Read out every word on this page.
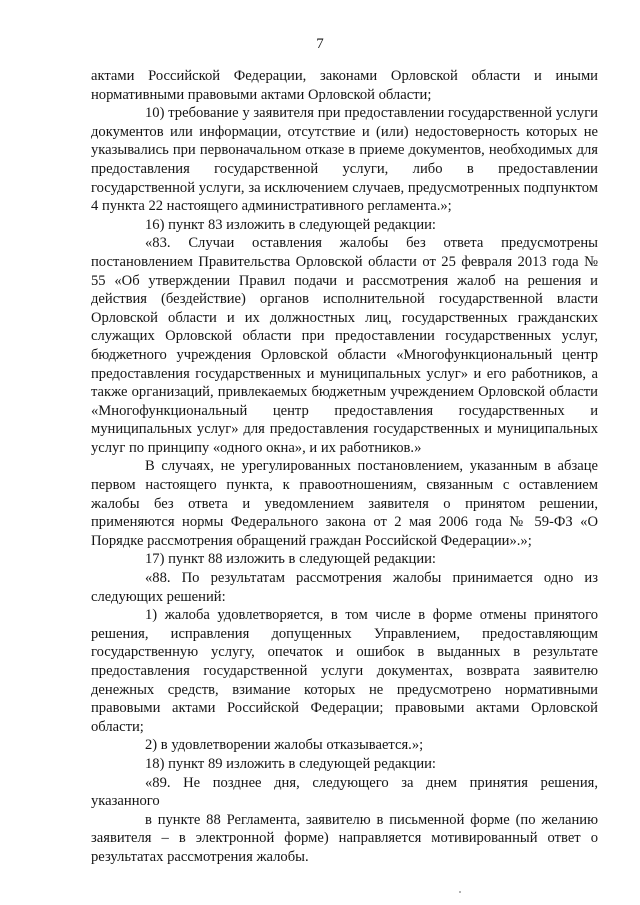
7

актами Российской Федерации, законами Орловской области и иными нормативными правовыми актами Орловской области;

10) требование у заявителя при предоставлении государственной услуги документов или информации, отсутствие и (или) недостоверность которых не указывались при первоначальном отказе в приеме документов, необходимых для предоставления государственной услуги, либо в предоставлении государственной услуги, за исключением случаев, предусмотренных подпунктом 4 пункта 22 настоящего административного регламента.»;

16) пункт 83 изложить в следующей редакции:

«83. Случаи оставления жалобы без ответа предусмотрены постановлением Правительства Орловской области от 25 февраля 2013 года № 55 «Об утверждении Правил подачи и рассмотрения жалоб на решения и действия (бездействие) органов исполнительной государственной власти Орловской области и их должностных лиц, государственных гражданских служащих Орловской области при предоставлении государственных услуг, бюджетного учреждения Орловской области «Многофункциональный центр предоставления государственных и муниципальных услуг» и его работников, а также организаций, привлекаемых бюджетным учреждением Орловской области «Многофункциональный центр предоставления государственных и муниципальных услуг» для предоставления государственных и муниципальных услуг по принципу «одного окна», и их работников.»

В случаях, не урегулированных постановлением, указанным в абзаце первом настоящего пункта, к правоотношениям, связанным с оставлением жалобы без ответа и уведомлением заявителя о принятом решении, применяются нормы Федерального закона от 2 мая 2006 года № 59-ФЗ «О Порядке рассмотрения обращений граждан Российской Федерации».»;

17) пункт 88 изложить в следующей редакции:

«88. По результатам рассмотрения жалобы принимается одно из следующих решений:

1) жалоба удовлетворяется, в том числе в форме отмены принятого решения, исправления допущенных Управлением, предоставляющим государственную услугу, опечаток и ошибок в выданных в результате предоставления государственной услуги документах, возврата заявителю денежных средств, взимание которых не предусмотрено нормативными правовыми актами Российской Федерации; правовыми актами Орловской области;

2) в удовлетворении жалобы отказывается.»;

18) пункт 89 изложить в следующей редакции:

«89. Не позднее дня, следующего за днем принятия решения, указанного

в пункте 88 Регламента, заявителю в письменной форме (по желанию заявителя – в электронной форме) направляется мотивированный ответ о результатах рассмотрения жалобы.
